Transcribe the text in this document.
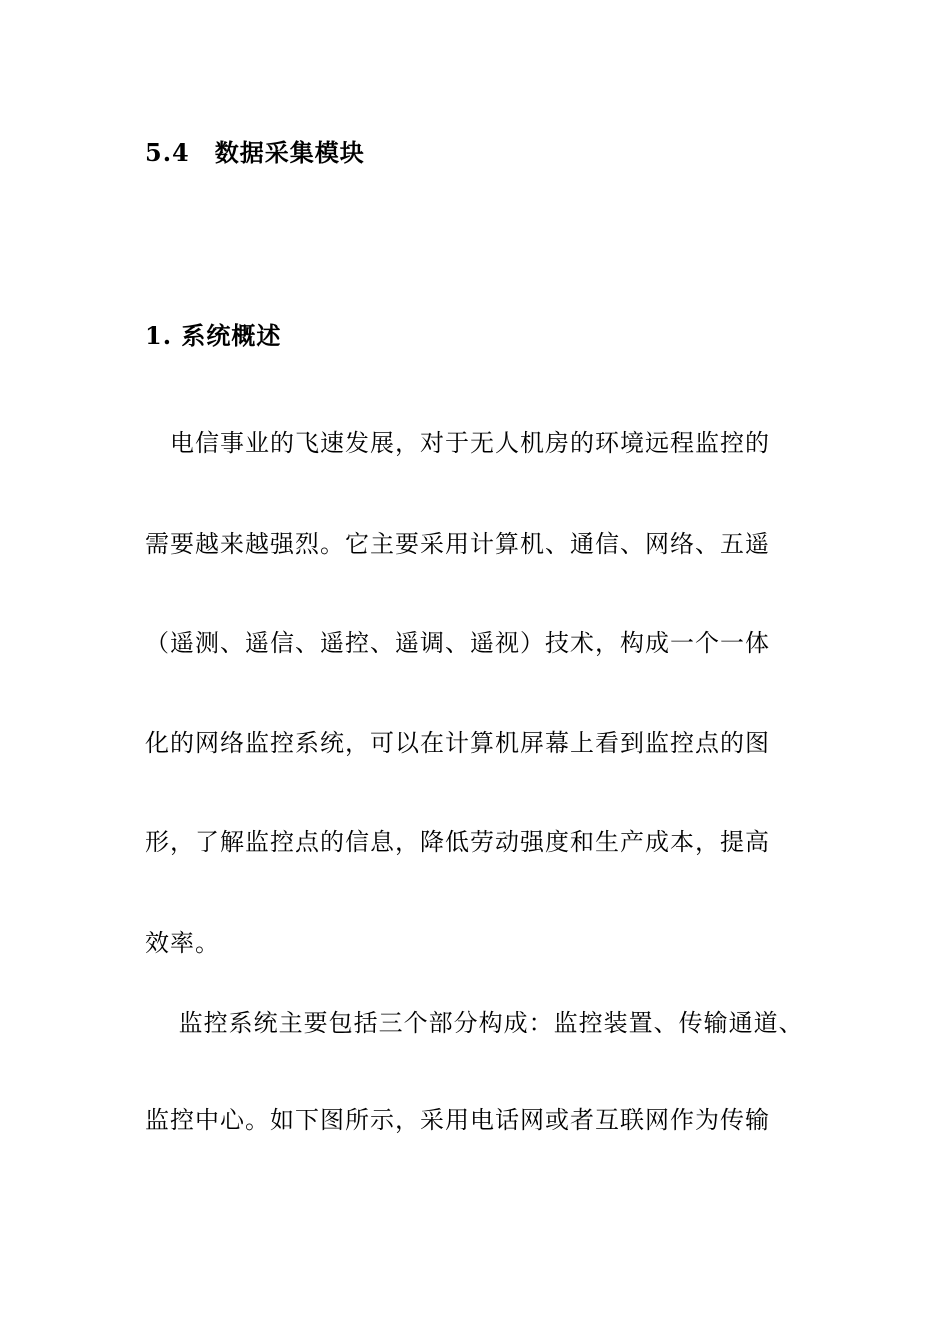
5.4　数据采集模块
1. 系统概述
　电信事业的飞速发展，对于无人机房的环境远程监控的
需要越来越强烈。它主要采用计算机、通信、网络、五遥
（遥测、遥信、遥控、遥调、遥视）技术，构成一个一体
化的网络监控系统，可以在计算机屏幕上看到监控点的图
形，了解监控点的信息，降低劳动强度和生产成本，提高
效率。
　 监控系统主要包括三个部分构成：监控装置、传输通道、
监控中心。如下图所示，采用电话网或者互联网作为传输
